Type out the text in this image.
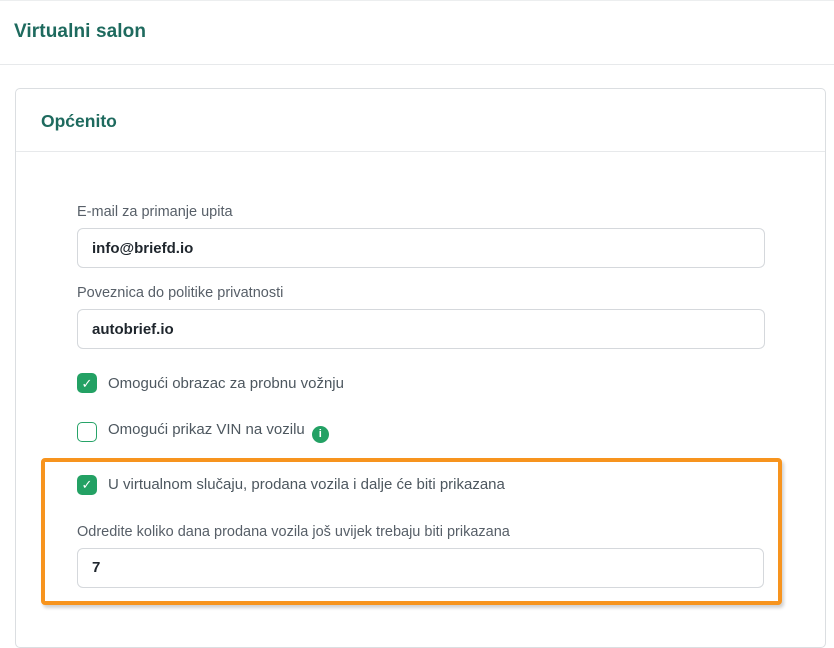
Virtualni salon
Općenito
E-mail za primanje upita
info@briefd.io
Poveznica do politike privatnosti
autobrief.io
✓ Omogući obrazac za probnu vožnju
Omogući prikaz VIN na vozilu i
✓ U virtualnom slučaju, prodana vozila i dalje će biti prikazana
Odredite koliko dana prodana vozila još uvijek trebaju biti prikazana
7
